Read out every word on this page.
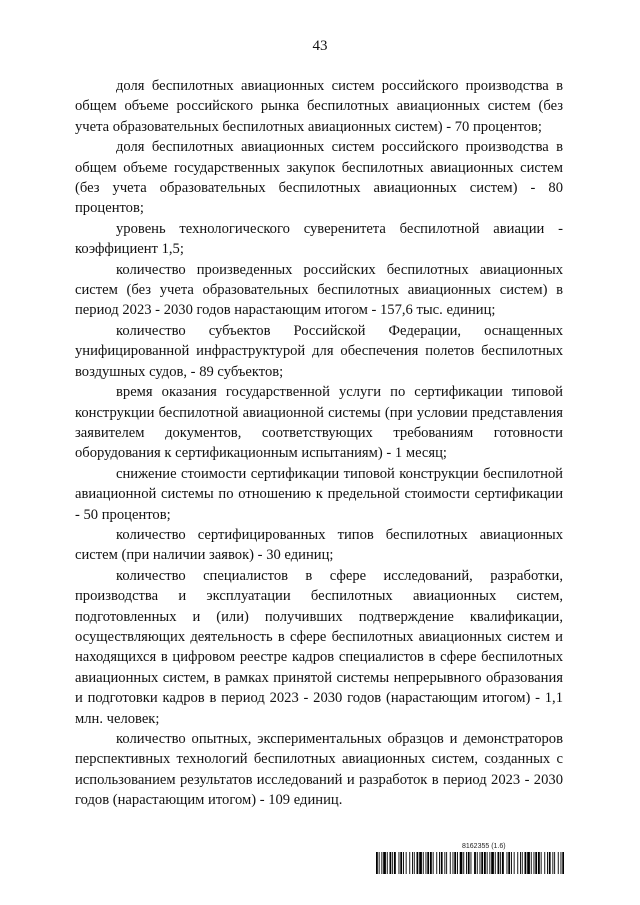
43

доля беспилотных авиационных систем российского производства в общем объеме российского рынка беспилотных авиационных систем (без учета образовательных беспилотных авиационных систем) - 70 процентов;

доля беспилотных авиационных систем российского производства в общем объеме государственных закупок беспилотных авиационных систем (без учета образовательных беспилотных авиационных систем) - 80 процентов;

уровень технологического суверенитета беспилотной авиации - коэффициент 1,5;

количество произведенных российских беспилотных авиационных систем (без учета образовательных беспилотных авиационных систем) в период 2023 - 2030 годов нарастающим итогом - 157,6 тыс. единиц;

количество субъектов Российской Федерации, оснащенных унифицированной инфраструктурой для обеспечения полетов беспилотных воздушных судов, - 89 субъектов;

время оказания государственной услуги по сертификации типовой конструкции беспилотной авиационной системы (при условии представления заявителем документов, соответствующих требованиям готовности оборудования к сертификационным испытаниям) - 1 месяц;

снижение стоимости сертификации типовой конструкции беспилотной авиационной системы по отношению к предельной стоимости сертификации - 50 процентов;

количество сертифицированных типов беспилотных авиационных систем (при наличии заявок) - 30 единиц;

количество специалистов в сфере исследований, разработки, производства и эксплуатации беспилотных авиационных систем, подготовленных и (или) получивших подтверждение квалификации, осуществляющих деятельность в сфере беспилотных авиационных систем и находящихся в цифровом реестре кадров специалистов в сфере беспилотных авиационных систем, в рамках принятой системы непрерывного образования и подготовки кадров в период 2023 - 2030 годов (нарастающим итогом) - 1,1 млн. человек;

количество опытных, экспериментальных образцов и демонстраторов перспективных технологий беспилотных авиационных систем, созданных с использованием результатов исследований и разработок в период 2023 - 2030 годов (нарастающим итогом) - 109 единиц.

8162355 (1.6)
